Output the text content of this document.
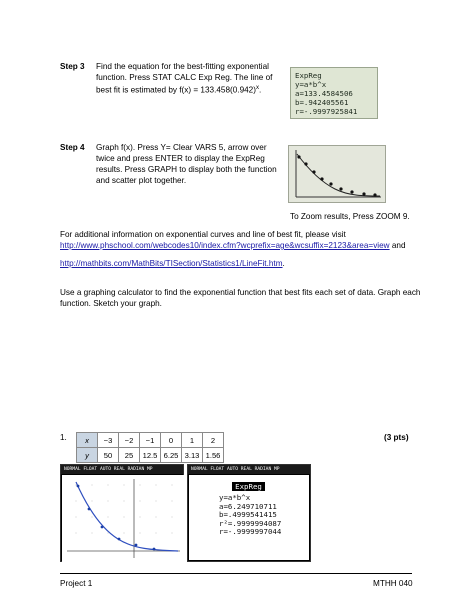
Step 3 Find the equation for the best-fitting exponential
function. Press STAT CALC Exp Reg. The line of
best fit is estimated by $f(x) = 133.458(0.942)^x$.
ExpReg
y=a*b^x
a=133.4584506
b=.942405561
r=-.9997925841
Step 4 Graph f(x). Press Y= Clear VARS 5, arrow over
twice and press ENTER to display the ExpReg
results. Press GRAPH to display both the function
and scatter plot together.
To Zoom results, Press ZOOM 9.
For additional information on exponential curves and line of best fit, please visit
http://www.phschool.com/webcodes10/index.cfm?wcprefix=age&wcsuffix=2123&area=view and
http://mathbits.com/MathBits/TISection/Statistics1/LineFit.htm.
Use a graphing calculator to find the exponential function that best fits each set of data. Graph each
function. Sketch your graph.
1.	(3 pts)
x	−3	−2	−1	0	1	2
y	50	25	12.5	6.25	3.13	1.56
NORMAL FLOAT AUTO REAL RADIAN MP	NORMAL FLOAT AUTO REAL RADIAN MP
ExpReg
y=a*b^x
a=6.249710711
b=.4999541415
r²=.9999994087
r=-.9999997044
Project 1	MTHH 040
